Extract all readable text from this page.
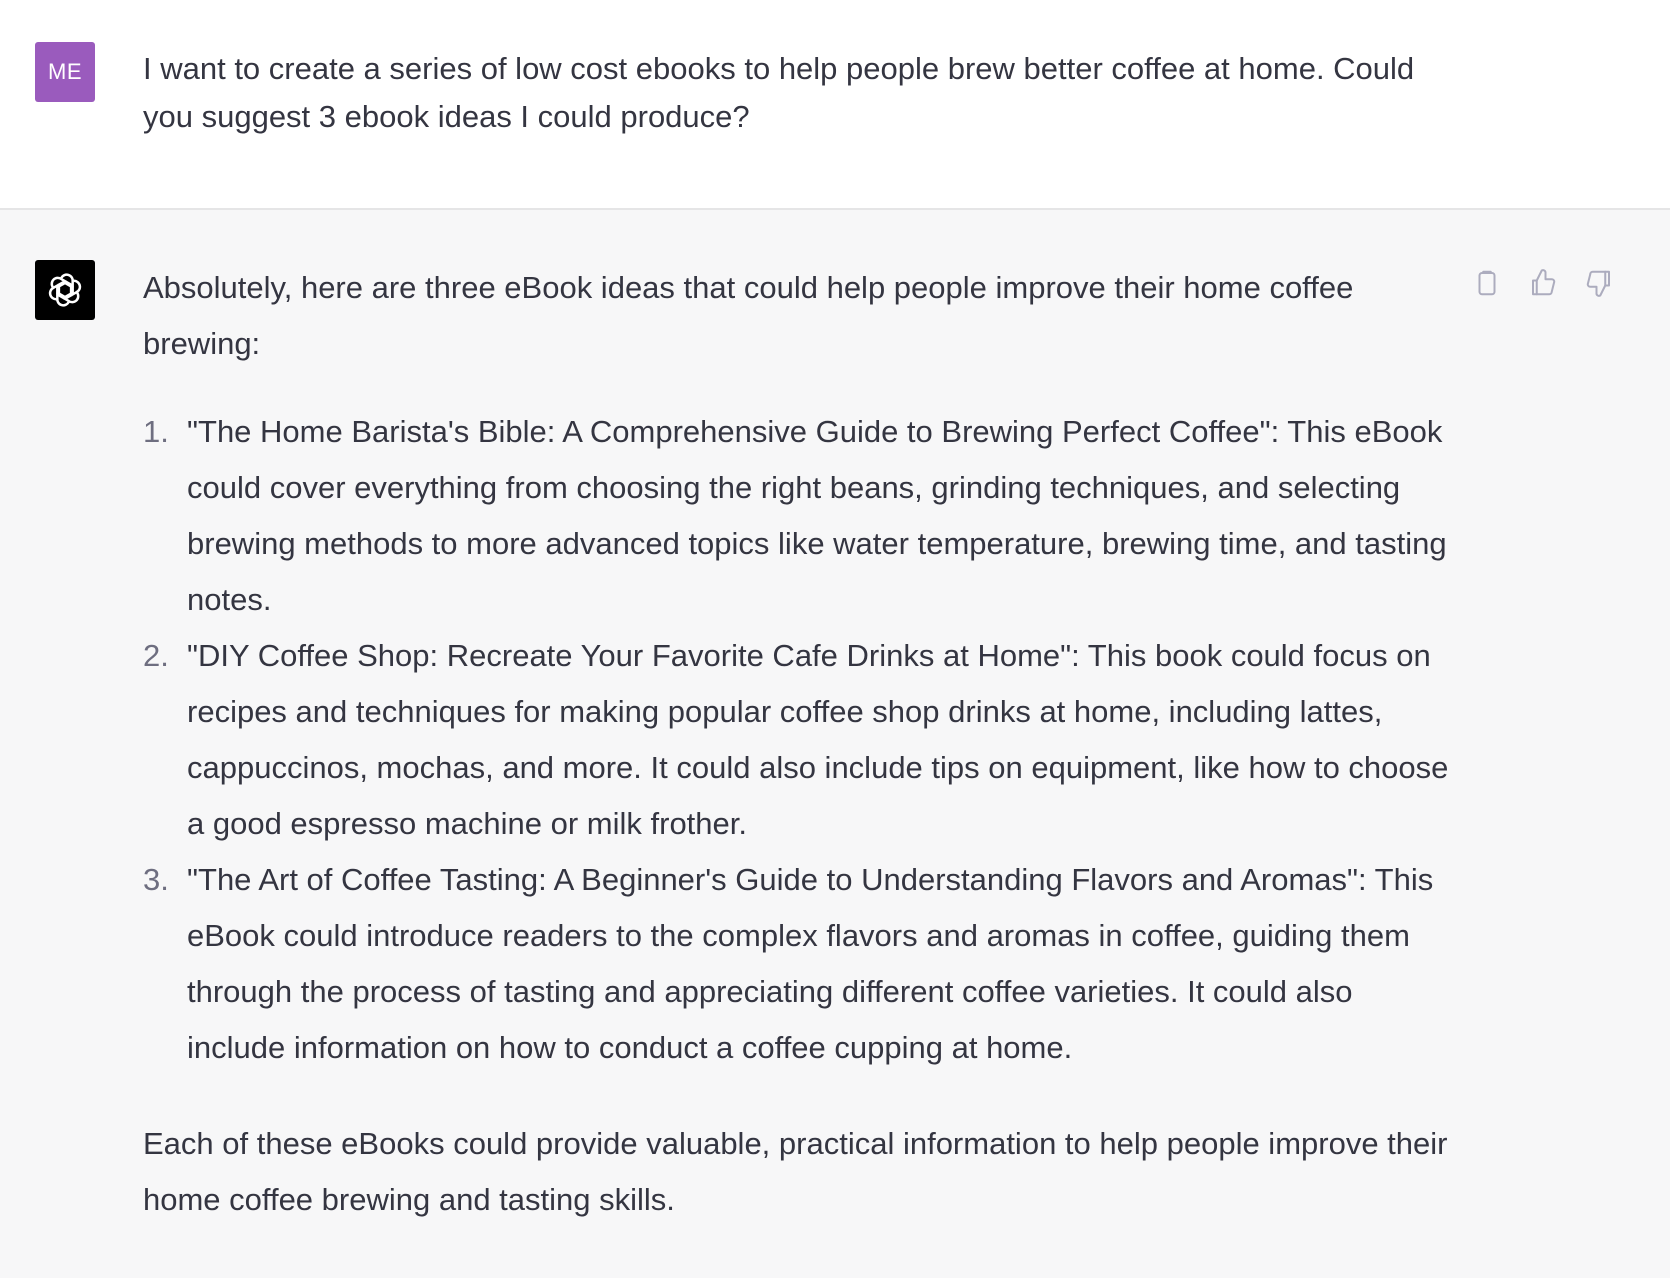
ME	I want to create a series of low cost ebooks to help people brew better coffee at home. Could you suggest 3 ebook ideas I could produce?

Absolutely, here are three eBook ideas that could help people improve their home coffee brewing:

1. "The Home Barista's Bible: A Comprehensive Guide to Brewing Perfect Coffee": This eBook could cover everything from choosing the right beans, grinding techniques, and selecting brewing methods to more advanced topics like water temperature, brewing time, and tasting notes.
2. "DIY Coffee Shop: Recreate Your Favorite Cafe Drinks at Home": This book could focus on recipes and techniques for making popular coffee shop drinks at home, including lattes, cappuccinos, mochas, and more. It could also include tips on equipment, like how to choose a good espresso machine or milk frother.
3. "The Art of Coffee Tasting: A Beginner's Guide to Understanding Flavors and Aromas": This eBook could introduce readers to the complex flavors and aromas in coffee, guiding them through the process of tasting and appreciating different coffee varieties. It could also include information on how to conduct a coffee cupping at home.

Each of these eBooks could provide valuable, practical information to help people improve their home coffee brewing and tasting skills.
